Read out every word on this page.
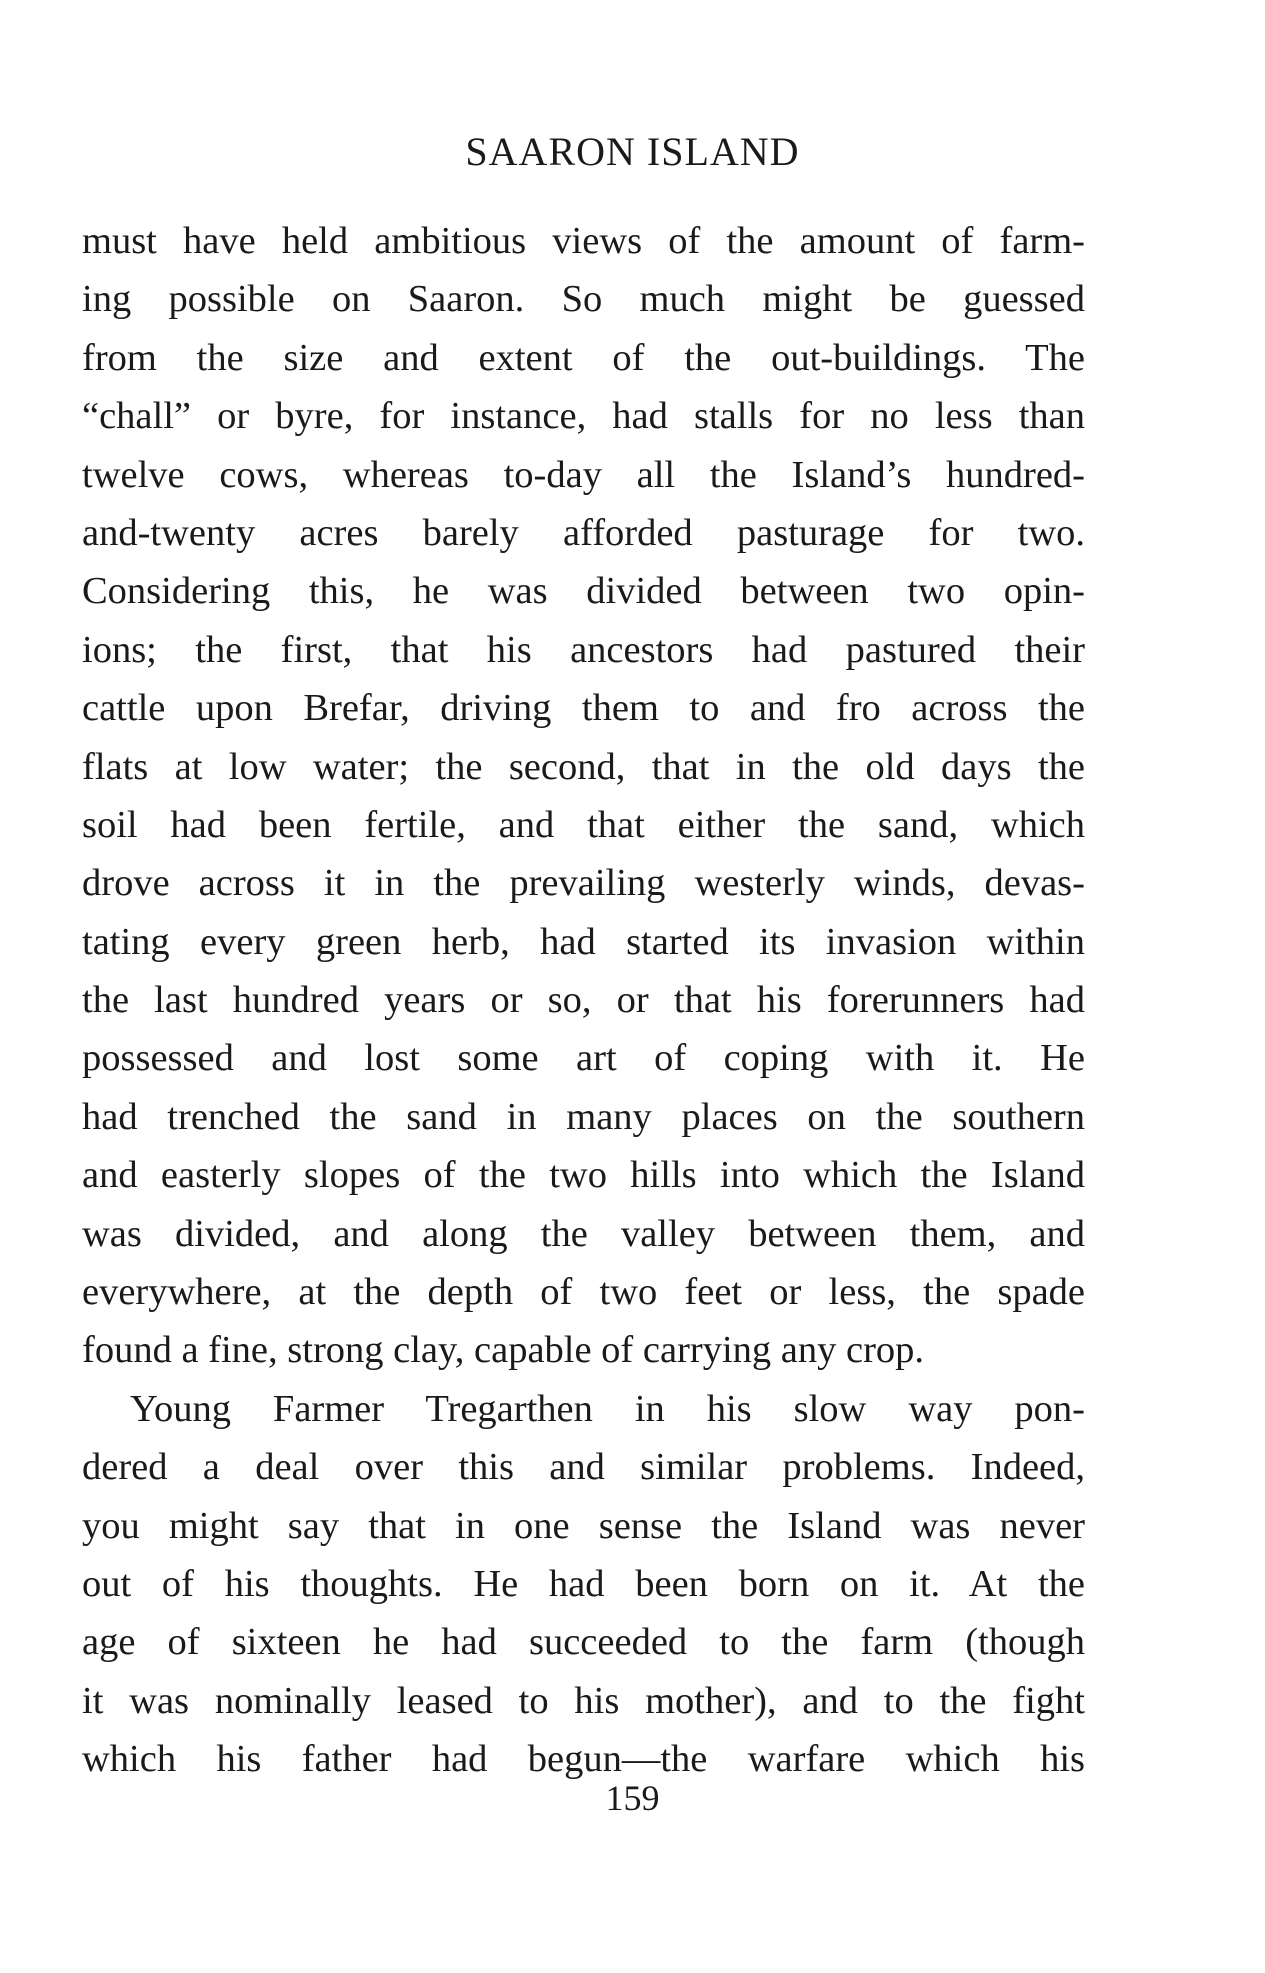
SAARON ISLAND
must have held ambitious views of the amount of farm-
ing possible on Saaron. So much might be guessed
from the size and extent of the out-buildings. The
“chall” or byre, for instance, had stalls for no less than
twelve cows, whereas to-day all the Island’s hundred-
and-twenty acres barely afforded pasturage for two.
Considering this, he was divided between two opin-
ions; the first, that his ancestors had pastured their
cattle upon Brefar, driving them to and fro across the
flats at low water; the second, that in the old days the
soil had been fertile, and that either the sand, which
drove across it in the prevailing westerly winds, devas-
tating every green herb, had started its invasion within
the last hundred years or so, or that his forerunners had
possessed and lost some art of coping with it. He
had trenched the sand in many places on the southern
and easterly slopes of the two hills into which the Island
was divided, and along the valley between them, and
everywhere, at the depth of two feet or less, the spade
found a fine, strong clay, capable of carrying any crop.
Young Farmer Tregarthen in his slow way pon-
dered a deal over this and similar problems. Indeed,
you might say that in one sense the Island was never
out of his thoughts. He had been born on it. At the
age of sixteen he had succeeded to the farm (though
it was nominally leased to his mother), and to the fight
which his father had begun—the warfare which his
159
